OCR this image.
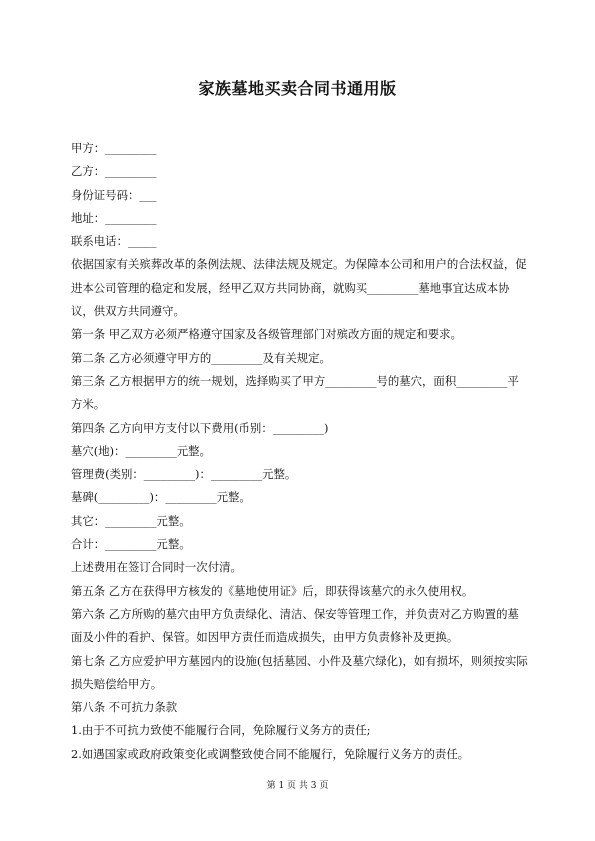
家族墓地买卖合同书通用版

甲方：_________

乙方：_________

身份证号码：___

地址：_________

联系电话：_____

依据国家有关殡葬改革的条例法规、法律法规及规定。为保障本公司和用户的合法权益，促进本公司管理的稳定和发展，经甲乙双方共同协商，就购买_________墓地事宜达成本协议，供双方共同遵守。

第一条 甲乙双方必须严格遵守国家及各级管理部门对殡改方面的规定和要求。

第二条 乙方必须遵守甲方的_________及有关规定。

第三条 乙方根据甲方的统一规划，选择购买了甲方_________号的墓穴，面积_________平方米。

第四条 乙方向甲方支付以下费用(币别：_________)

墓穴(地)：_________元整。

管理费(类别：_________)：_________元整。

墓碑(_________)：_________元整。

其它：_________元整。

合计：_________元整。

上述费用在签订合同时一次付清。

第五条 乙方在获得甲方核发的《墓地使用证》后，即获得该墓穴的永久使用权。

第六条 乙方所购的墓穴由甲方负责绿化、清洁、保安等管理工作，并负责对乙方购置的墓面及小件的看护、保管。如因甲方责任而造成损失，由甲方负责修补及更换。

第七条 乙方应爱护甲方墓园内的设施(包括墓园、小件及墓穴绿化)，如有损坏，则须按实际损失赔偿给甲方。

第八条 不可抗力条款

1.由于不可抗力致使不能履行合同，免除履行义务方的责任;

2.如遇国家或政府政策变化或调整致使合同不能履行，免除履行义务方的责任。

第 1 页 共 3 页
